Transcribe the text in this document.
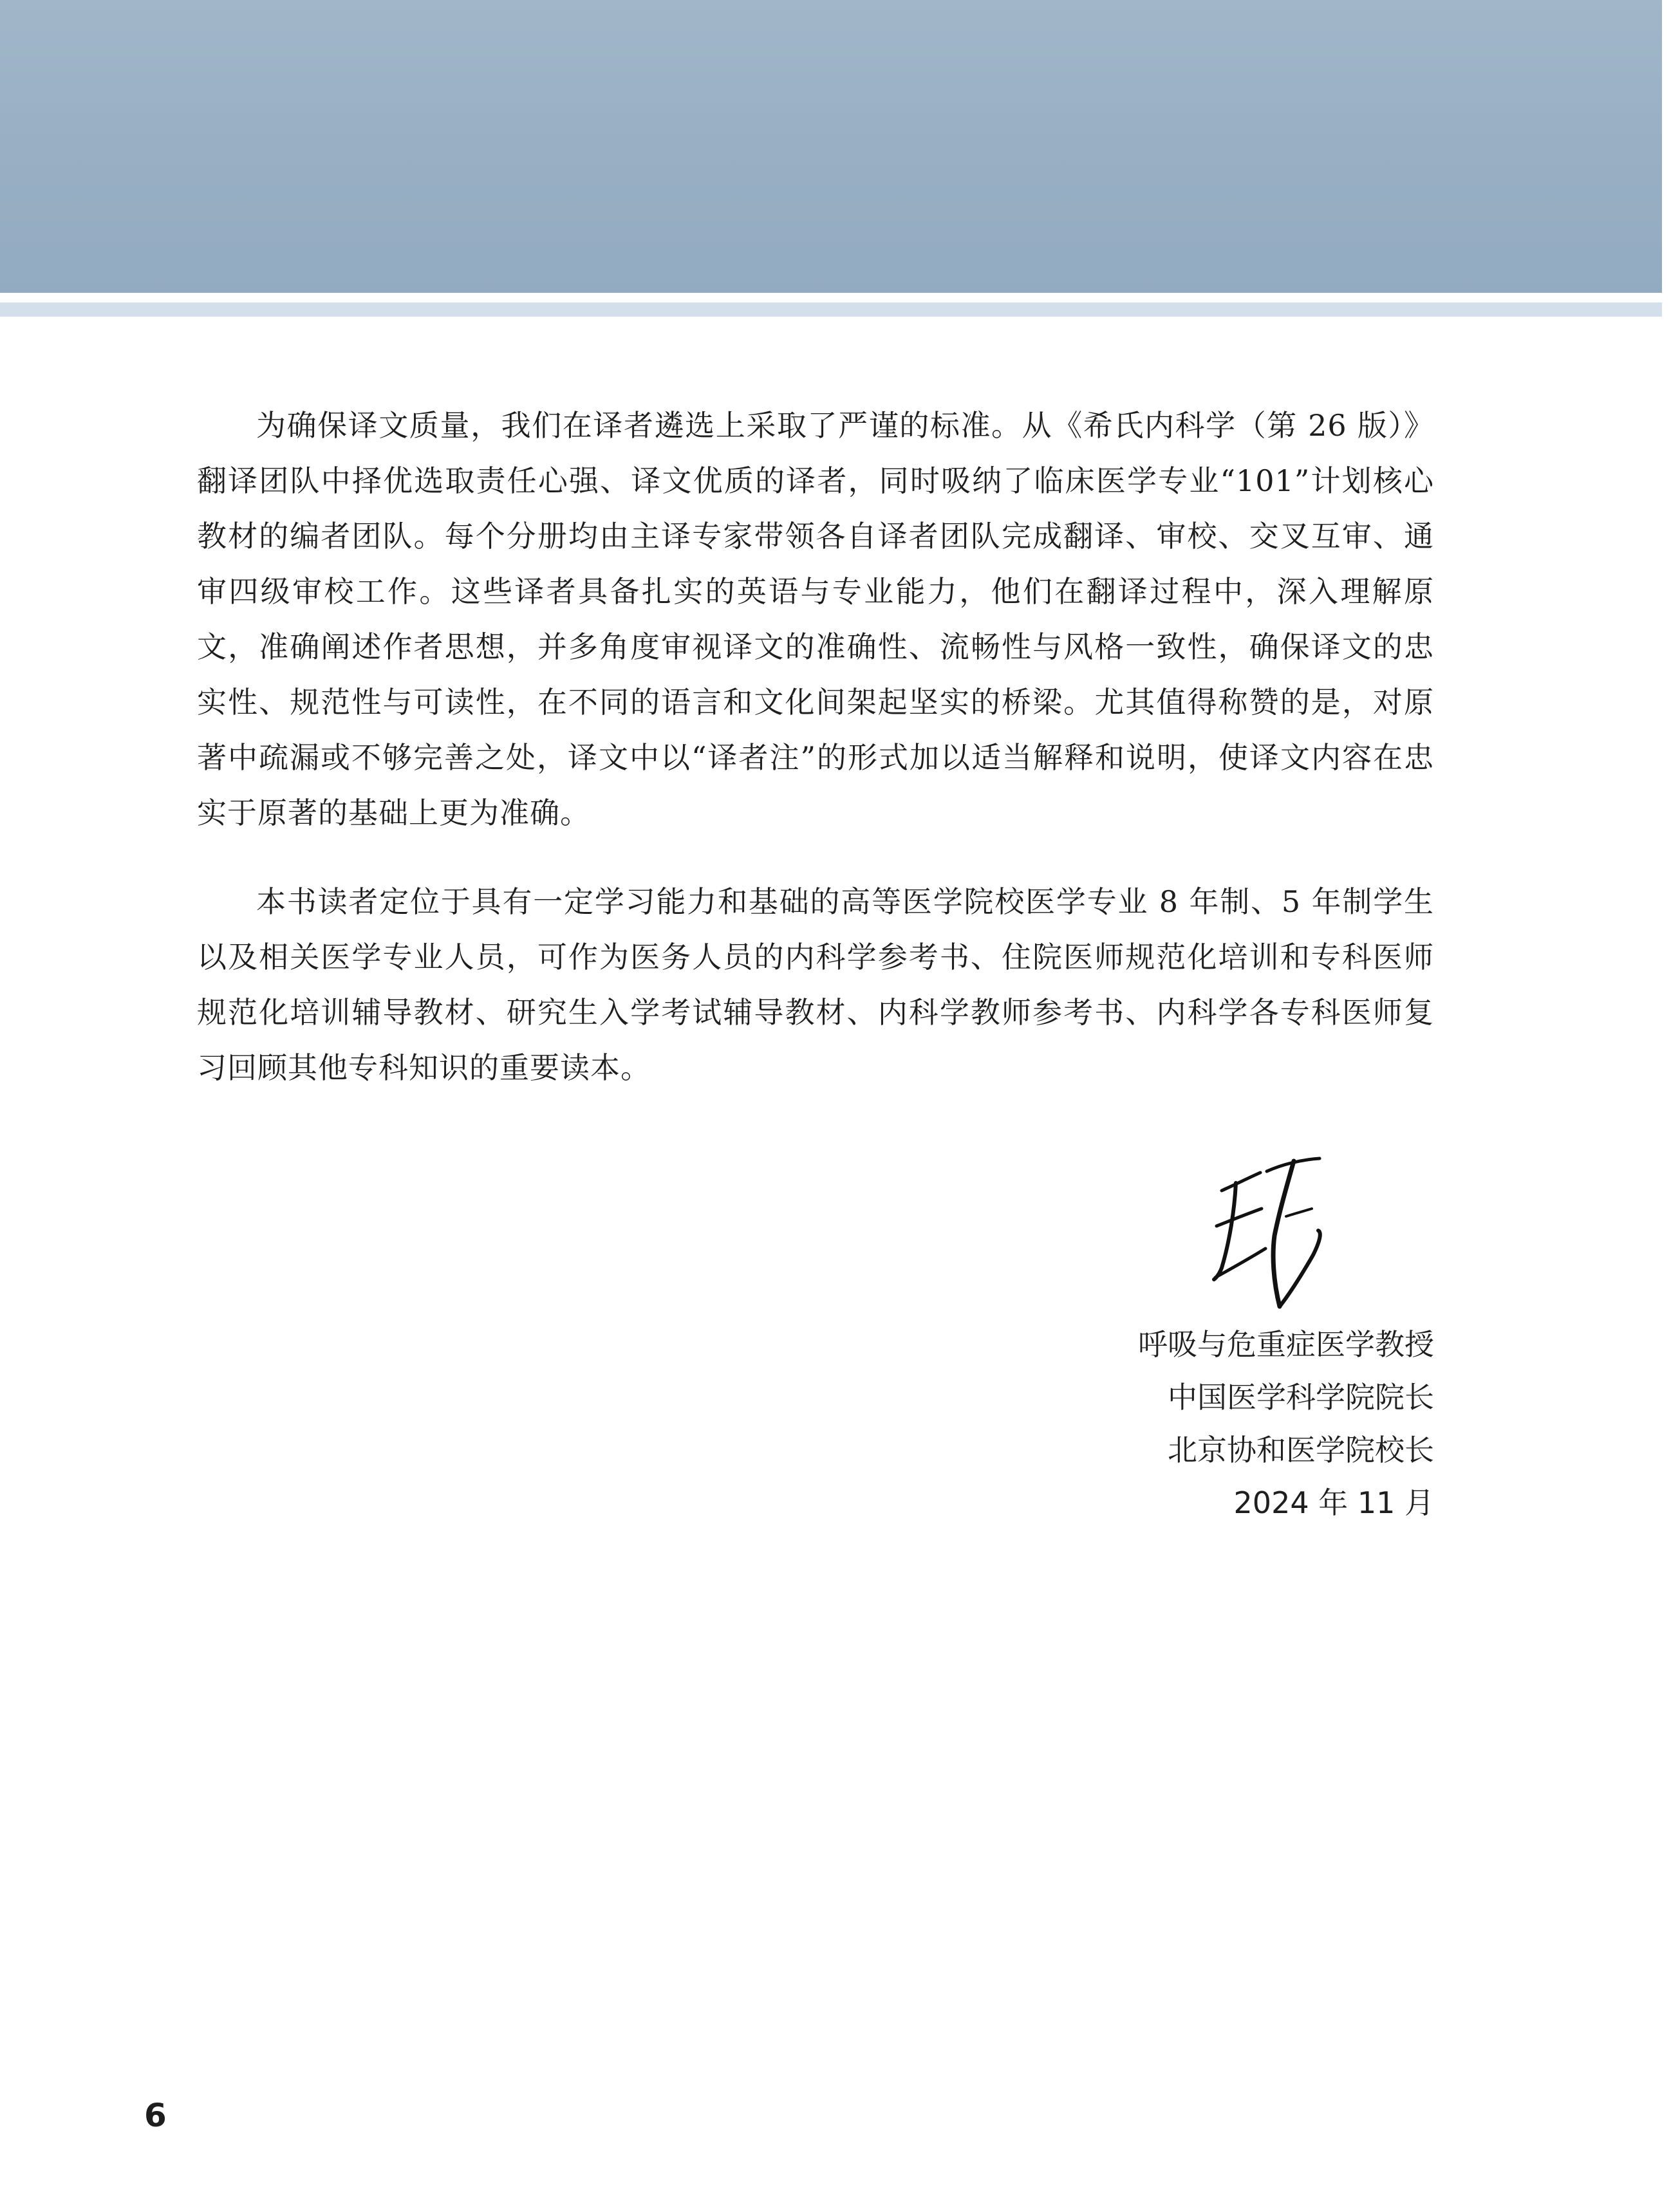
为确保译文质量，我们在译者遴选上采取了严谨的标准。从《希氏内科学（第 26 版）》翻译团队中择优选取责任心强、译文优质的译者，同时吸纳了临床医学专业“101”计划核心教材的编者团队。每个分册均由主译专家带领各自译者团队完成翻译、审校、交叉互审、通审四级审校工作。这些译者具备扎实的英语与专业能力，他们在翻译过程中，深入理解原文，准确阐述作者思想，并多角度审视译文的准确性、流畅性与风格一致性，确保译文的忠实性、规范性与可读性，在不同的语言和文化间架起坚实的桥梁。尤其值得称赞的是，对原著中疏漏或不够完善之处，译文中以“译者注”的形式加以适当解释和说明，使译文内容在忠实于原著的基础上更为准确。

本书读者定位于具有一定学习能力和基础的高等医学院校医学专业 8 年制、5 年制学生以及相关医学专业人员，可作为医务人员的内科学参考书、住院医师规范化培训和专科医师规范化培训辅导教材、研究生入学考试辅导教材、内科学教师参考书、内科学各专科医师复习回顾其他专科知识的重要读本。

呼吸与危重症医学教授
中国医学科学院院长
北京协和医学院校长
2024 年 11 月
6
